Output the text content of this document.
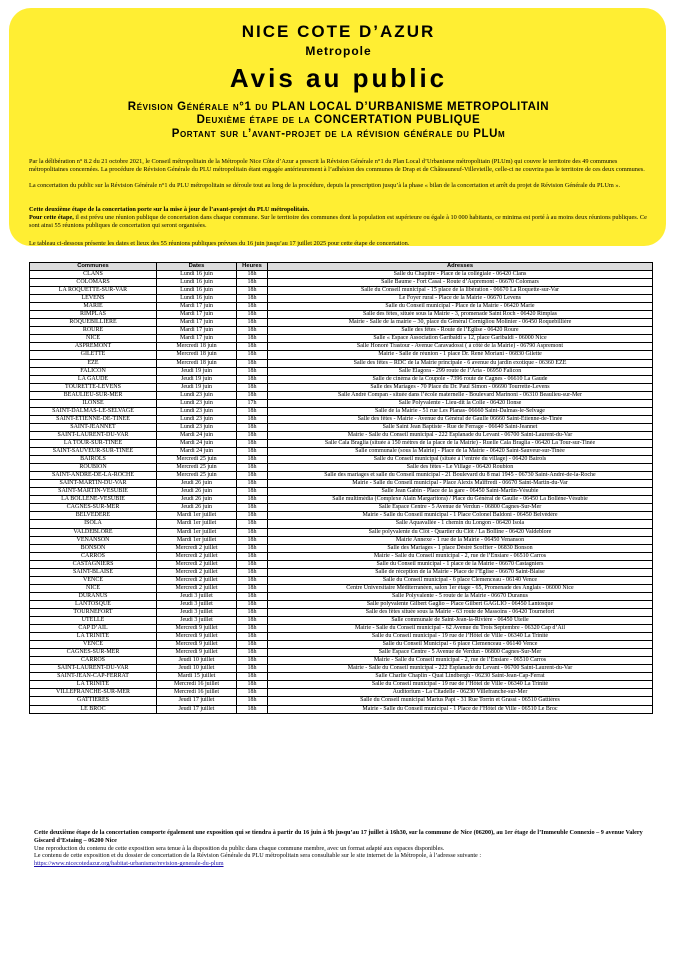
NICE COTE D’AZUR
Metropole
Avis au public
Révision Générale n°1 du PLAN LOCAL D’URBANISME METROPOLITAIN
Deuxième étape de la CONCERTATION PUBLIQUE
Portant sur l’avant-projet de la révision générale du PLUm
Par la délibération n° 8.2 du 21 octobre 2021, le Conseil métropolitain de la Métropole Nice Côte d’Azur a prescrit la Révision Générale n°1 du Plan Local d’Urbanisme métropolitain (PLUm) qui couvre le territoire des 49 communes métropolitaines concernées. La procédure de Révision Générale du PLU métropolitain étant engagée antérieurement à l’adhésion des communes de Drap et de Châteauneuf-Villevieille, celle-ci ne couvrira pas le territoire de ces deux communes.
La concertation du public sur la Révision Générale n°1 du PLU métropolitain se déroule tout au long de la procédure, depuis la prescription jusqu’à la phase « bilan de la concertation et arrêt du projet de Révision Générale du PLUm ».
Cette deuxième étape de la concertation porte sur la mise à jour de l’avant-projet du PLU métropolitain.
Pour cette étape, il est prévu une réunion publique de concertation dans chaque commune. Sur le territoire des communes dont la population est supérieure ou égale à 10 000 habitants, ce minima est porté à au moins deux réunions publiques. Ce sont ainsi 55 réunions publiques de concertation qui seront organisées.
Le tableau ci-dessous présente les dates et lieux des 55 réunions publiques prévues du 16 juin jusqu’au 17 juillet 2025 pour cette étape de concertation.
Communes	Dates	Heures	Adresses
CLANS	Lundi 16 juin	18h	Salle du Chapitre - Place de la collégiale - 06420 Clans
COLOMARS	Lundi 16 juin	18h	Salle Baume - Fort Casal - Route d’Aspremont - 06670 Colomars
LA ROQUETTE-SUR-VAR	Lundi 16 juin	18h	Salle du Conseil municipal - 15 place de la libération - 06670 La Roquette-sur-Var
LEVENS	Lundi 16 juin	18h	Le Foyer rural - Place de la Mairie - 06670 Levens
MARIE	Mardi 17 juin	18h	Salle du Conseil municipal - Place de la Mairie - 06420 Marie
RIMPLAS	Mardi 17 juin	18h	Salle des fêtes, située sous la Mairie - 3, promenade Saint Roch - 06420 Rimplas
ROQUEBILLIERE	Mardi 17 juin	18h	Mairie - Salle de la mairie – 30, place du Général Cornigliou Molinier - 06450 Roquebillière
ROURE	Mardi 17 juin	18h	Salle des fêtes - Route de l’Eglise - 06420 Roure
NICE	Mardi 17 juin	18h	Salle « Espace Association Garibaldi » 12, place Garibaldi - 06000 Nice
ASPREMONT	Mercredi 18 juin	18h	Salle Honoré Trastour - Avenue Caravadossi ( à côté de la Mairie) - 06790 Aspremont
GILETTE	Mercredi 18 juin	18h	Mairie - Salle de réunion - 1 place Dr. René Moriani - 06830 Gilette
EZE	Mercredi 18 juin	18h	Salle des fêtes – RDC de la Mairie principale - 6 avenue du jardin exotique - 06360 EZE
FALICON	Jeudi 19 juin	18h	Salle Elagora - 299 route de l’Aria - 06950 Falicon
LA GAUDE	Jeudi 19 juin	18h	Salle de cinéma de la Coupole - 7396 route de Cagnes - 06610 La Gaude
TOURETTE-LEVENS	Jeudi 19 juin	18h	Salle des Mariages - 70 Place du Dr. Paul Simon - 06690 Tourrette-Levens
BEAULIEU-SUR-MER	Lundi 23 juin	18h	Salle André Compan - située dans l’école maternelle - Boulevard Marinoni - 06310 Beaulieu-sur-Mer
ILONSE	Lundi 23 juin	17h	Salle Polyvalente - Lieu-dit la Colle - 06420 Ilonse
SAINT-DALMAS-LE-SELVAGE	Lundi 23 juin	18h	Salle de la Mairie - 51 rue Les Planas- 06660 Saint-Dalmas-le-Selvage
SAINT-ETIENNE-DE-TINEE	Lundi 23 juin	18h	Salle des fêtes - Mairie - Avenue du Général de Gaulle 06660 Saint-Etienne-de-Tinée
SAINT-JEANNET	Lundi 23 juin	18h	Salle Saint Jean Baptiste - Rue de Ferrage - 06640 Saint-Jeannet
SAINT-LAURENT-DU-VAR	Mardi 24 juin	18h	Mairie - Salle du Conseil municipal - 222 Esplanade du Levant - 06700 Saint-Laurent-du-Var
LA TOUR-SUR-TINEE	Mardi 24 juin	18h	Salle Cala Braglia (située à 150 mètres de la place de la Mairie) - Ruelle Cala Braglia - 06420 La Tour-sur-Tinée
SAINT-SAUVEUR-SUR-TINEE	Mardi 24 juin	18h	Salle communale (sous la Mairie) - Place de la Mairie - 06420 Saint-Sauveur-sur-Tinée
BAIROLS	Mercredi 25 juin	18h	Salle du Conseil municipal (située à l’entrée du village) - 06420 Bairols
ROUBION	Mercredi 25 juin	18h	Salle des fêtes - Le Village - 06420 Roubion
SAINT-ANDRE-DE-LA-ROCHE	Mercredi 25 juin	18h	Salle des mariages et salle du Conseil municipal - 21 Boulevard du 8 mai 1945 - 06730 Saint-André-de-la-Roche
SAINT-MARTIN-DU-VAR	Jeudi 26 juin	18h	Mairie - Salle du Conseil municipal - Place Alexis Maïffredi - 06670 Saint-Martin-du-Var
SAINT-MARTIN-VESUBIE	Jeudi 26 juin	18h	Salle Jean Gabin - Place de la gare - 06450 Saint-Martin-Vésubie
LA BOLLENE-VESUBIE	Jeudi 26 juin	18h	Salle multimédia (Complexe Alain Margaritora) / Place du Général de Gaulle - 06450 La Bollène-Vésubie
CAGNES-SUR-MER	Jeudi 26 juin	18h	Salle Espace Centre - 5 Avenue de Verdun - 06800 Cagnes-Sur-Mer
BELVEDERE	Mardi 1er juillet	18h	Mairie - Salle du Conseil municipal - 1 Place Colonel Baldoni - 06450 Belvédère
ISOLA	Mardi 1er juillet	18h	Salle Aquavallée - 1 chemin du Longon - 06420 Isola
VALDEBLORE	Mardi 1er juillet	18h	Salle polyvalente du Clôt - Quartier du Clôt / La Bolline - 06420 Valdeblore
VENANSON	Mardi 1er juillet	18h	Mairie Annexe - 1 rue de la Mairie - 06450 Venanson
BONSON	Mercredi 2 juillet	18h	Salle des Mariages - 1 place Désiré Scoffier - 06830 Bonson
CARROS	Mercredi 2 juillet	18h	Mairie - Salle du Conseil municipal - 2, rue de l’Ensiare - 06510 Carros
CASTAGNIERS	Mercredi 2 juillet	18h	Salle du Conseil municipal - 1 place de la Mairie - 06670 Castagniers
SAINT-BLAISE	Mercredi 2 juillet	18h	Salle de réception de la Mairie - Place de l’Eglise - 06670 Saint-Blaise
VENCE	Mercredi 2 juillet	18h	Salle du Conseil municipal - 6 place Clemenceau - 06140 Vence
NICE	Mercredi 2 juillet	18h	Centre Universitaire Méditerranéen, salon 1er étage - 65, Promenade des Anglais - 06000 Nice
DURANUS	Jeudi 3 juillet	18h	Salle Polyvalente - 5 route de la Mairie - 06670 Duranus
LANTOSQUE	Jeudi 3 juillet	18h	Salle polyvalente Gilbert Gaglio – Place Gilbert GAGLIO - 06450 Lantosque
TOURNEFORT	Jeudi 3 juillet	18h	Salle des fêtes située sous la Mairie - 63 route de Massoins - 06420 Tournefort
UTELLE	Jeudi 3 juillet	18h	Salle communale de Saint-Jean-la-Rivière - 06450 Utelle
CAP D’AIL	Mercredi 9 juillet	18h	Mairie - Salle du Conseil municipal - 62 Avenue du Trois Septembre - 06320 Cap d’Ail
LA TRINITE	Mercredi 9 juillet	18h	Salle du Conseil municipal - 19 rue de l’Hôtel de Ville - 06340 La Trinité
VENCE	Mercredi 9 juillet	18h	Salle du Conseil Municipal - 6 place Clemenceau - 06140 Vence
CAGNES-SUR-MER	Mercredi 9 juillet	18h	Salle Espace Centre - 5 Avenue de Verdun - 06800 Cagnes-Sur-Mer
CARROS	Jeudi 10 juillet	18h	Mairie - Salle du Conseil municipal - 2, rue de l’Ensiare - 06510 Carros
SAINT-LAURENT-DU-VAR	Jeudi 10 juillet	18h	Mairie - Salle du Conseil municipal - 222 Esplanade du Levant - 06700 Saint-Laurent-du-Var
SAINT-JEAN-CAP-FERRAT	Mardi 15 juillet	18h	Salle Charlie Chaplin - Quai Lindbergh - 06230 Saint-Jean-Cap-Ferrat
LA TRINITE	Mercredi 16 juillet	18h	Salle du Conseil municipal - 19 rue de l’Hôtel de Ville - 06340 La Trinité
VILLEFRANCHE-SUR-MER	Mercredi 16 juillet	18h	Auditorium - La Citadelle - 06230 Villefranche-sur-Mer
GATTIERES	Jeudi 17 juillet	18h	Salle du Conseil municipal Marius Papi - 31 Rue Torrin et Grassi - 06510 Gattières
LE BROC	Jeudi 17 juillet	18h	Mairie - Salle du Conseil municipal - 1 Place de l’Hôtel de Ville - 06510 Le Broc
Cette deuxième étape de la concertation comporte également une exposition qui se tiendra à partir du 16 juin à 9h jusqu’au 17 juillet à 16h30, sur la commune de Nice (06200), au 1er étage de l’Immeuble Connexio – 9 avenue Valery Giscard d’Estaing – 06200 Nice
Une reproduction du contenu de cette exposition sera tenue à la disposition du public dans chaque commune membre, avec un format adapté aux espaces disponibles.
Le contenu de cette exposition et du dossier de concertation de la Révision Générale du PLU métropolitain sera consultable sur le site internet de la Métropole, à l’adresse suivante :
https://www.nicecotedazur.org/habitat-urbanisme/revision-generale-du-plum
